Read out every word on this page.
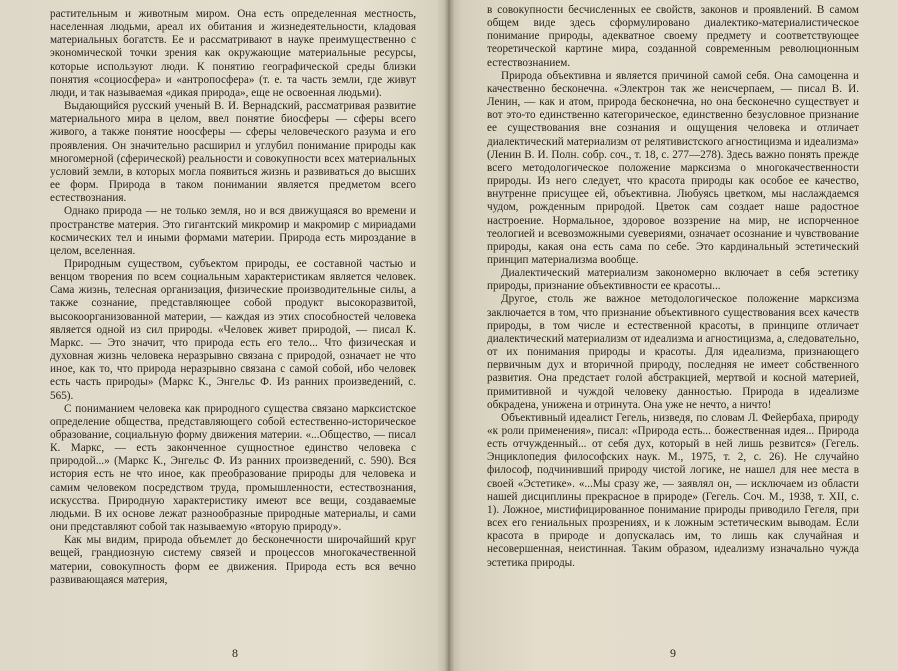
растительным и животным миром. Она есть определенная местность, населенная людьми, ареал их обитания и жизнедеятельности, кладовая материальных богатств. Ее и рассматривают в науке преимущественно с экономической точки зрения как окружающие материальные ресурсы, которые используют люди. К понятию географической среды близки понятия «социосфера» и «антропосфера» (т. е. та часть земли, где живут люди, и так называемая «дикая природа», еще не освоенная людьми).

Выдающийся русский ученый В. И. Вернадский, рассматривая развитие материального мира в целом, ввел понятие биосферы — сферы всего живого, а также понятие ноосферы — сферы человеческого разума и его проявления. Он значительно расширил и углубил понимание природы как многомерной (сферической) реальности и совокупности всех материальных условий земли, в которых могла появиться жизнь и развиваться до высших ее форм. Природа в таком понимании является предметом всего естествознания.

Однако природа — не только земля, но и вся движущаяся во времени и пространстве материя. Это гигантский микромир и макромир с мириадами космических тел и иными формами материи. Природа есть мироздание в целом, вселенная.

Природным существом, субъектом природы, ее составной частью и венцом творения по всем социальным характеристикам является человек. Сама жизнь, телесная организация, физические производительные силы, а также сознание, представляющее собой продукт высокоразвитой, высокоорганизованной материи, — каждая из этих способностей человека является одной из сил природы. «Человек живет природой, — писал К. Маркс. — Это значит, что природа есть его тело... Что физическая и духовная жизнь человека неразрывно связана с природой, означает не что иное, как то, что природа неразрывно связана с самой собой, ибо человек есть часть природы» (Маркс К., Энгельс Ф. Из ранних произведений, с. 565).

С пониманием человека как природного существа связано марксистское определение общества, представляющего собой естественно-историческое образование, социальную форму движения материи. «...Общество, — писал К. Маркс, — есть законченное сущностное единство человека с природой...» (Маркс К., Энгельс Ф. Из ранних произведений, с. 590). Вся история есть не что иное, как преобразование природы для человека и самим человеком посредством труда, промышленности, естествознания, искусства. Природную характеристику имеют все вещи, создаваемые людьми. В их основе лежат разнообразные природные материалы, и сами они представляют собой так называемую «вторую природу».

Как мы видим, природа объемлет до бесконечности широчайший круг вещей, грандиозную систему связей и процессов многокачественной материи, совокупность форм ее движения. Природа есть вся вечно развивающаяся материя,

8

в совокупности бесчисленных ее свойств, законов и проявлений. В самом общем виде здесь сформулировано диалектико-материалистическое понимание природы, адекватное своему предмету и соответствующее теоретической картине мира, созданной современным революционным естествознанием.

Природа объективна и является причиной самой себя. Она самоценна и качественно бесконечна. «Электрон так же неисчерпаем, — писал В. И. Ленин, — как и атом, природа бесконечна, но она бесконечно существует и вот это-то единственно категорическое, единственно безусловное признание ее существования вне сознания и ощущения человека и отличает диалектический материализм от релятивистского агностицизма и идеализма» (Ленин В. И. Полн. собр. соч., т. 18, с. 277—278). Здесь важно понять прежде всего методологическое положение марксизма о многокачественности природы. Из него следует, что красота природы как особое ее качество, внутренне присущее ей, объективна. Любуясь цветком, мы наслаждаемся чудом, рожденным природой. Цветок сам создает наше радостное настроение. Нормальное, здоровое воззрение на мир, не испорченное теологией и всевозможными суевериями, означает осознание и чувствование природы, какая она есть сама по себе. Это кардинальный эстетический принцип материализма вообще.

Диалектический материализм закономерно включает в себя эстетику природы, признание объективности ее красоты...

Другое, столь же важное методологическое положение марксизма заключается в том, что признание объективного существования всех качеств природы, в том числе и естественной красоты, в принципе отличает диалектический материализм от идеализма и агностицизма, а, следовательно, от их понимания природы и красоты. Для идеализма, признающего первичным дух и вторичной природу, последняя не имеет собственного развития. Она предстает голой абстракцией, мертвой и косной материей, примитивной и чуждой человеку данностью. Природа в идеализме обкрадена, унижена и отринута. Она уже не нечто, а ничто!

Объективный идеалист Гегель, низведя, по словам Л. Фейербаха, природу «к роли применения», писал: «Природа есть... божественная идея... Природа есть отчужденный... от себя дух, который в ней лишь резвится» (Гегель. Энциклопедия философских наук. М., 1975, т. 2, с. 26). Не случайно философ, подчинивший природу чистой логике, не нашел для нее места в своей «Эстетике». «...Мы сразу же, — заявлял он, — исключаем из области нашей дисциплины прекрасное в природе» (Гегель. Соч. М., 1938, т. XII, с. 1). Ложное, мистифицированное понимание природы приводило Гегеля, при всех его гениальных прозрениях, и к ложным эстетическим выводам. Если красота в природе и допускалась им, то лишь как случайная и несовершенная, неистинная. Таким образом, идеализму изначально чужда эстетика природы.

9
